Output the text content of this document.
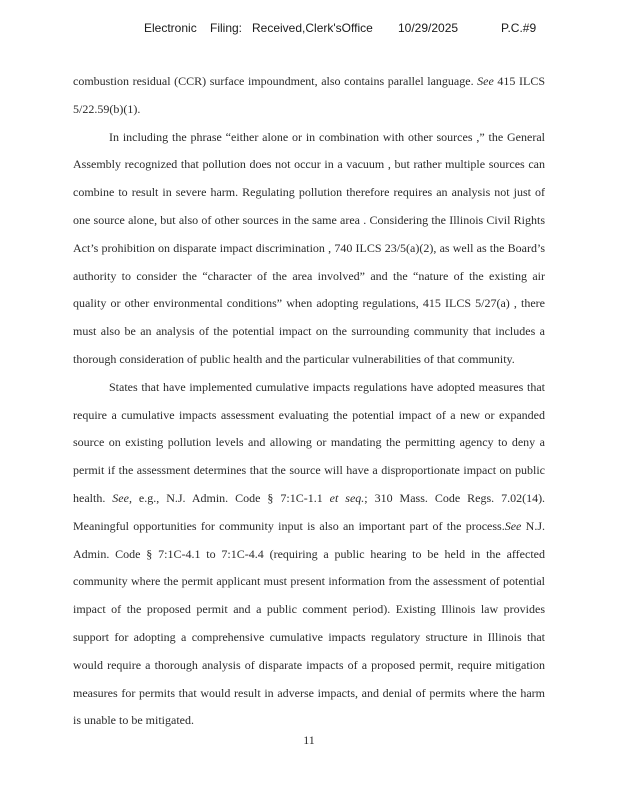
Electronic Filing: Received,Clerk'sOffice 10/29/2025	P.C.#9

combustion residual (CCR) surface impoundment, also contains parallel language. See 415 ILCS 5/22.59(b)(1).

In including the phrase “either alone or in combination with other sources ,” the General Assembly recognized that pollution does not occur in a vacuum , but rather multiple sources can combine to result in severe harm. Regulating pollution therefore requires an analysis not just of one source alone, but also of other sources in the same area . Considering the Illinois Civil Rights Act’s prohibition on disparate impact discrimination , 740 ILCS 23/5(a)(2), as well as the Board’s authority to consider the “character of the area involved” and the “nature of the existing air quality or other environmental conditions” when adopting regulations, 415 ILCS 5/27(a) , there must also be an analysis of the potential impact on the surrounding community that includes a thorough consideration of public health and the particular vulnerabilities of that community.

States that have implemented cumulative impacts regulations have adopted measures that require a cumulative impacts assessment evaluating the potential impact of a new or expanded source on existing pollution levels and allowing or mandating the permitting agency to deny a permit if the assessment determines that the source will have a disproportionate impact on public health. See, e.g., N.J. Admin. Code § 7:1C-1.1 et seq.; 310 Mass. Code Regs. 7.02(14). Meaningful opportunities for community input is also an important part of the process.See N.J. Admin. Code § 7:1C-4.1 to 7:1C-4.4 (requiring a public hearing to be held in the affected community where the permit applicant must present information from the assessment of potential impact of the proposed permit and a public comment period). Existing Illinois law provides support for adopting a comprehensive cumulative impacts regulatory structure in Illinois that would require a thorough analysis of disparate impacts of a proposed permit, require mitigation measures for permits that would result in adverse impacts, and denial of permits where the harm is unable to be mitigated.

11
